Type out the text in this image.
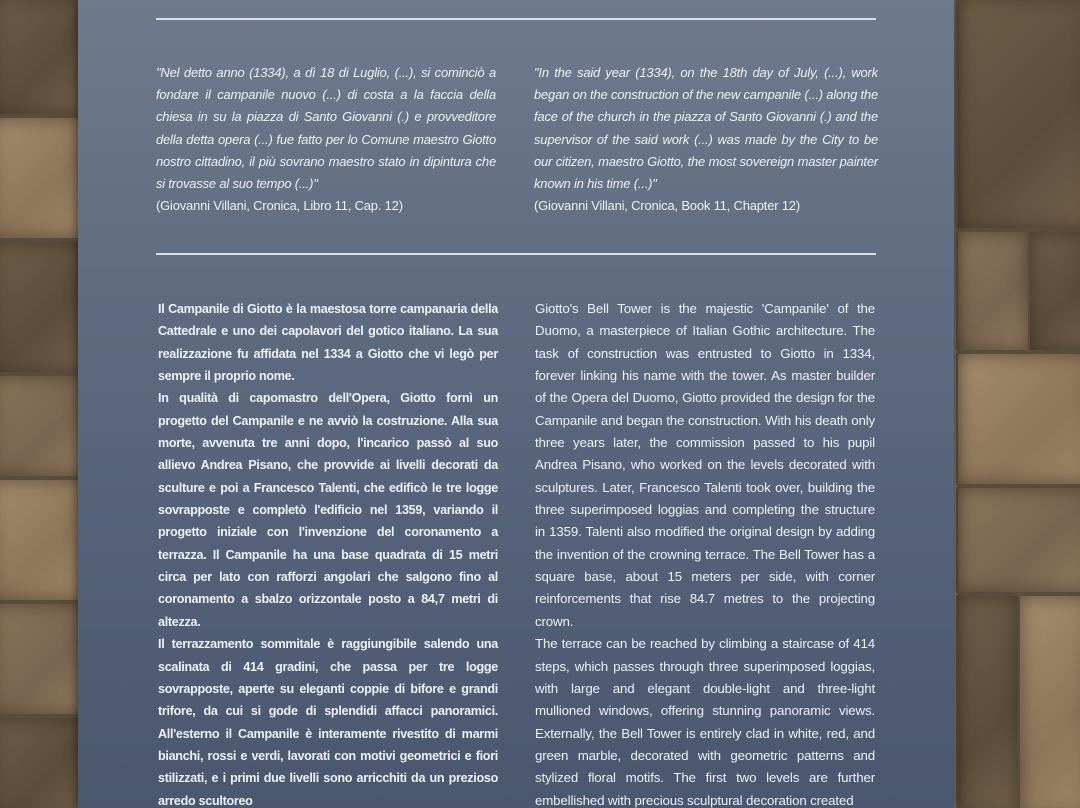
"Nel detto anno (1334), a dì 18 di Luglio, (...), si cominciò a fondare il campanile nuovo (...) di costa a la faccia della chiesa in su la piazza di Santo Giovanni (.) e provveditore della detta opera (...) fue fatto per lo Comune maestro Giotto nostro cittadino, il più sovrano maestro stato in dipintura che si trovasse al suo tempo (...)"
(Giovanni Villani, Cronica, Libro 11, Cap. 12)
"In the said year (1334), on the 18th day of July, (...), work began on the construction of the new campanile (...) along the face of the church in the piazza of Santo Giovanni (.) and the supervisor of the said work (...) was made by the City to be our citizen, maestro Giotto, the most sovereign master painter known in his time (...)"
(Giovanni Villani, Cronica, Book 11, Chapter 12)

Il Campanile di Giotto è la maestosa torre campanaria della Cattedrale e uno dei capolavori del gotico italiano. La sua realizzazione fu affidata nel 1334 a Giotto che vi legò per sempre il proprio nome.

In qualità di capomastro dell'Opera, Giotto fornì un progetto del Campanile e ne avviò la costruzione. Alla sua morte, avvenuta tre anni dopo, l'incarico passò al suo allievo Andrea Pisano, che provvide ai livelli decorati da sculture e poi a Francesco Talenti, che edificò le tre logge sovrapposte e completò l'edificio nel 1359, variando il progetto iniziale con l'invenzione del coronamento a terrazza. Il Campanile ha una base quadrata di 15 metri circa per lato con rafforzi angolari che salgono fino al coronamento a sbalzo orizzontale posto a 84,7 metri di altezza.

Il terrazzamento sommitale è raggiungibile salendo una scalinata di 414 gradini, che passa per tre logge sovrapposte, aperte su eleganti coppie di bifore e grandi trifore, da cui si gode di splendidi affacci panoramici. All'esterno il Campanile è interamente rivestito di marmi bianchi, rossi e verdi, lavorati con motivi geometrici e fiori stilizzati, e i primi due livelli sono arricchiti da un prezioso arredo scultoreo

Giotto's Bell Tower is the majestic 'Campanile' of the Duomo, a masterpiece of Italian Gothic architecture. The task of construction was entrusted to Giotto in 1334, forever linking his name with the tower. As master builder of the Opera del Duomo, Giotto provided the design for the Campanile and began the construction. With his death only three years later, the commission passed to his pupil Andrea Pisano, who worked on the levels decorated with sculptures. Later, Francesco Talenti took over, building the three superimposed loggias and completing the structure in 1359. Talenti also modified the original design by adding the invention of the crowning terrace. The Bell Tower has a square base, about 15 meters per side, with corner reinforcements that rise 84.7 metres to the projecting crown.

The terrace can be reached by climbing a staircase of 414 steps, which passes through three superimposed loggias, with large and elegant double-light and three-light mullioned windows, offering stunning panoramic views. Externally, the Bell Tower is entirely clad in white, red, and green marble, decorated with geometric patterns and stylized floral motifs. The first two levels are further embellished with precious sculptural decoration created
